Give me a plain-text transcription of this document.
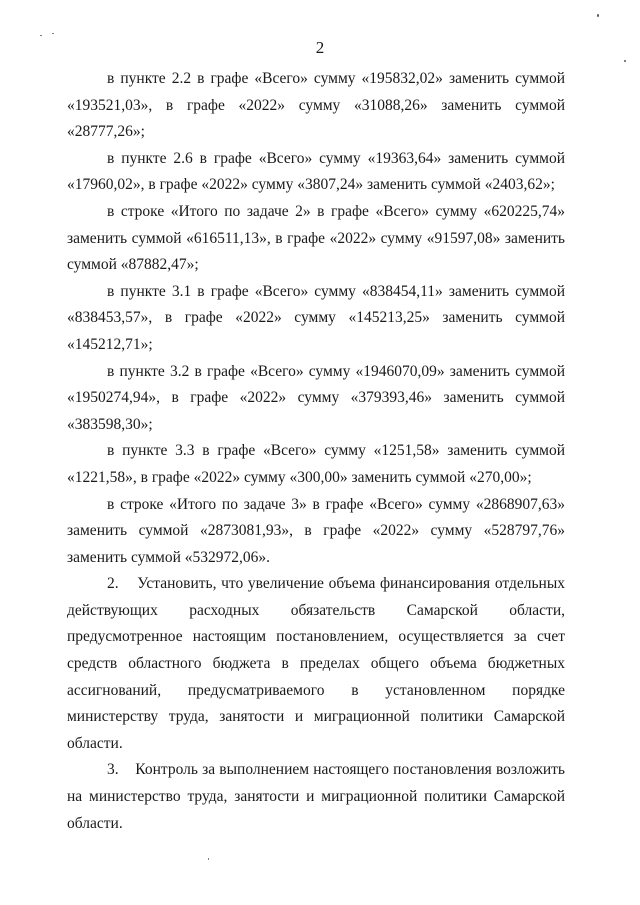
2

в пункте 2.2 в графе «Всего» сумму «195832,02» заменить суммой «193521,03», в графе «2022» сумму «31088,26» заменить суммой «28777,26»;

в пункте 2.6 в графе «Всего» сумму «19363,64» заменить суммой «17960,02», в графе «2022» сумму «3807,24» заменить суммой «2403,62»;

в строке «Итого по задаче 2» в графе «Всего» сумму «620225,74» заменить суммой «616511,13», в графе «2022» сумму «91597,08» заменить суммой «87882,47»;

в пункте 3.1 в графе «Всего» сумму «838454,11» заменить суммой «838453,57», в графе «2022» сумму «145213,25» заменить суммой «145212,71»;

в пункте 3.2 в графе «Всего» сумму «1946070,09» заменить суммой «1950274,94», в графе «2022» сумму «379393,46» заменить суммой «383598,30»;

в пункте 3.3 в графе «Всего» сумму «1251,58» заменить суммой «1221,58», в графе «2022» сумму «300,00» заменить суммой «270,00»;

в строке «Итого по задаче 3» в графе «Всего» сумму «2868907,63» заменить суммой «2873081,93», в графе «2022» сумму «528797,76» заменить суммой «532972,06».

2.    Установить, что увеличение объема финансирования отдельных действующих расходных обязательств Самарской области, предусмотренное настоящим постановлением, осуществляется за счет средств областного бюджета в пределах общего объема бюджетных ассигнований, предусматриваемого в установленном порядке министерству труда, занятости и миграционной политики Самарской области.

3.    Контроль за выполнением настоящего постановления возложить на министерство труда, занятости и миграционной политики Самарской области.
